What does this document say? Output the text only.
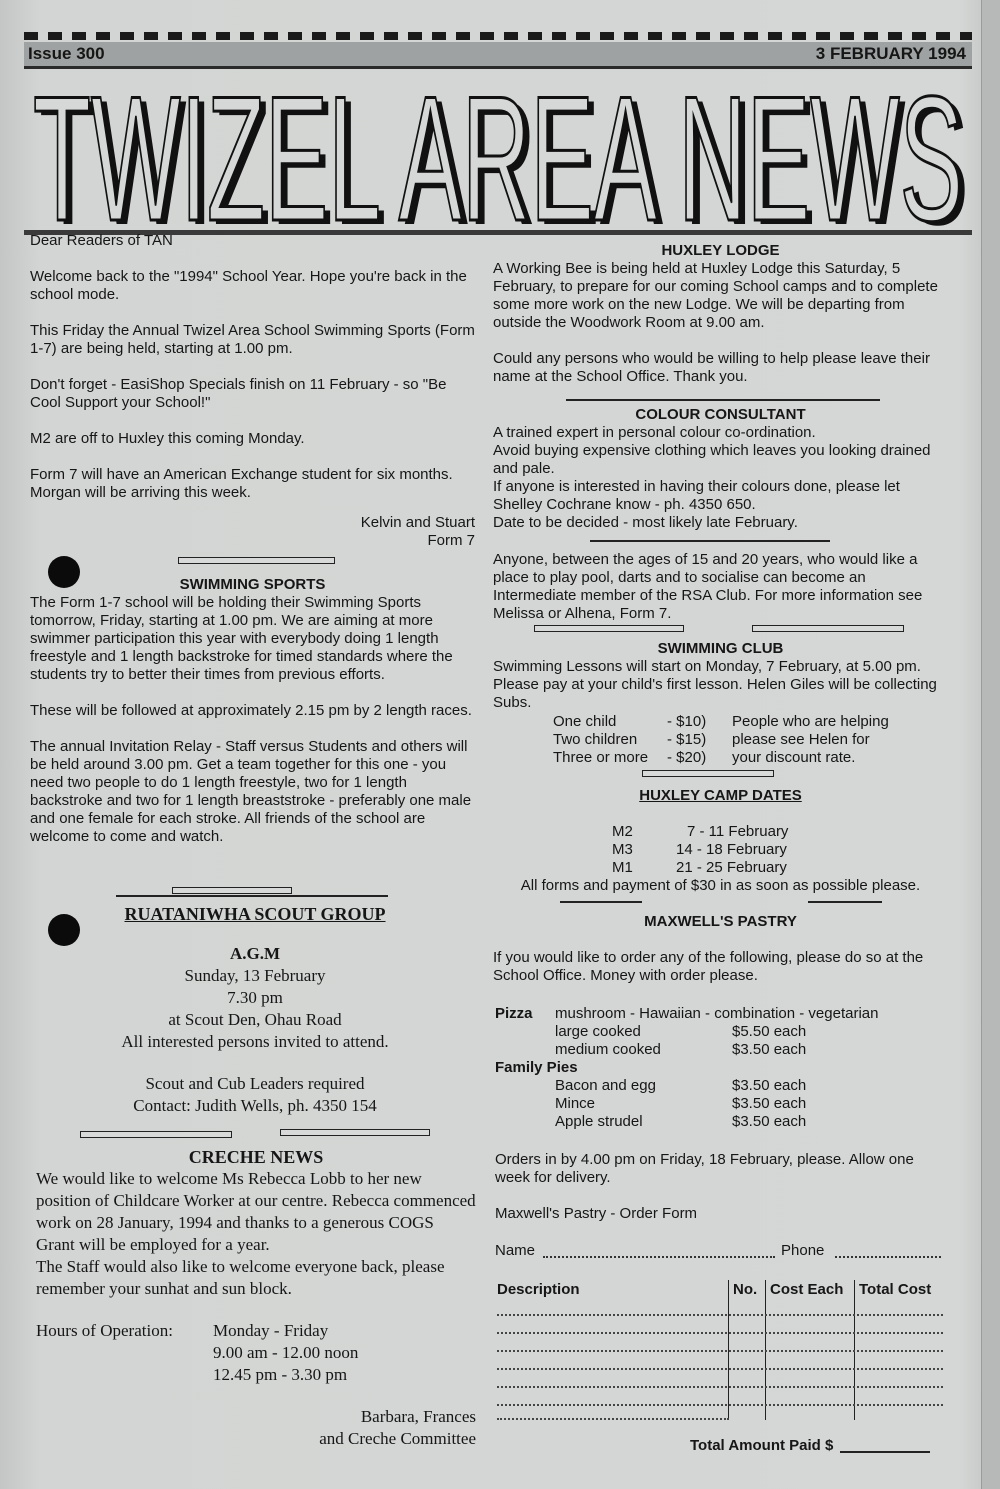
Issue 300	3 FEBRUARY 1994
TWIZEL AREA NEWS
TWIZEL AREA NEWS
Dear Readers of TAN
Welcome back to the "1994" School Year. Hope you're back in the school mode.
This Friday the Annual Twizel Area School Swimming Sports (Form 1-7) are being held, starting at 1.00 pm.
Don't forget - EasiShop Specials finish on 11 February - so "Be Cool Support your School!"
M2 are off to Huxley this coming Monday.
Form 7 will have an American Exchange student for six months. Morgan will be arriving this week.
Kelvin and Stuart
Form 7
SWIMMING SPORTS
The Form 1-7 school will be holding their Swimming Sports tomorrow, Friday, starting at 1.00 pm. We are aiming at more swimmer participation this year with everybody doing 1 length freestyle and 1 length backstroke for timed standards where the students try to better their times from previous efforts.
These will be followed at approximately 2.15 pm by 2 length races.
The annual Invitation Relay - Staff versus Students and others will be held around 3.00 pm. Get a team together for this one - you need two people to do 1 length freestyle, two for 1 length backstroke and two for 1 length breaststroke - preferably one male and one female for each stroke. All friends of the school are welcome to come and watch.
RUATANIWHA SCOUT GROUP
A.G.M
Sunday, 13 February
7.30 pm
at Scout Den, Ohau Road
All interested persons invited to attend.
Scout and Cub Leaders required
Contact: Judith Wells, ph. 4350 154
CRECHE NEWS
We would like to welcome Ms Rebecca Lobb to her new position of Childcare Worker at our centre. Rebecca commenced work on 28 January, 1994 and thanks to a generous COGS Grant will be employed for a year.
The Staff would also like to welcome everyone back, please remember your sunhat and sun block.
Hours of Operation: Monday - Friday
9.00 am - 12.00 noon
12.45 pm - 3.30 pm
Barbara, Frances
and Creche Committee
HUXLEY LODGE
A Working Bee is being held at Huxley Lodge this Saturday, 5 February, to prepare for our coming School camps and to complete some more work on the new Lodge. We will be departing from outside the Woodwork Room at 9.00 am.
Could any persons who would be willing to help please leave their name at the School Office. Thank you.
COLOUR CONSULTANT
A trained expert in personal colour co-ordination.
Avoid buying expensive clothing which leaves you looking drained and pale.
If anyone is interested in having their colours done, please let Shelley Cochrane know - ph. 4350 650.
Date to be decided - most likely late February.
Anyone, between the ages of 15 and 20 years, who would like a place to play pool, darts and to socialise can become an Intermediate member of the RSA Club. For more information see Melissa or Alhena, Form 7.
SWIMMING CLUB
Swimming Lessons will start on Monday, 7 February, at 5.00 pm. Please pay at your child's first lesson. Helen Giles will be collecting Subs.
One child	- $10) People who are helping
Two children - $15) please see Helen for
Three or more - $20) your discount rate.
HUXLEY CAMP DATES
M2	7 - 11 February
M3	14 - 18 February
M1	21 - 25 February
All forms and payment of $30 in as soon as possible please.
MAXWELL'S PASTRY
If you would like to order any of the following, please do so at the School Office. Money with order please.
Pizza mushroom - Hawaiian - combination - vegetarian
large cooked	$5.50 each
medium cooked	$3.50 each
Family Pies
Bacon and egg	$3.50 each
Mince	$3.50 each
Apple strudel	$3.50 each
Orders in by 4.00 pm on Friday, 18 February, please. Allow one week for delivery.
Maxwell's Pastry - Order Form
Name	Phone
Description	No. Cost Each Total Cost
Total Amount Paid $
